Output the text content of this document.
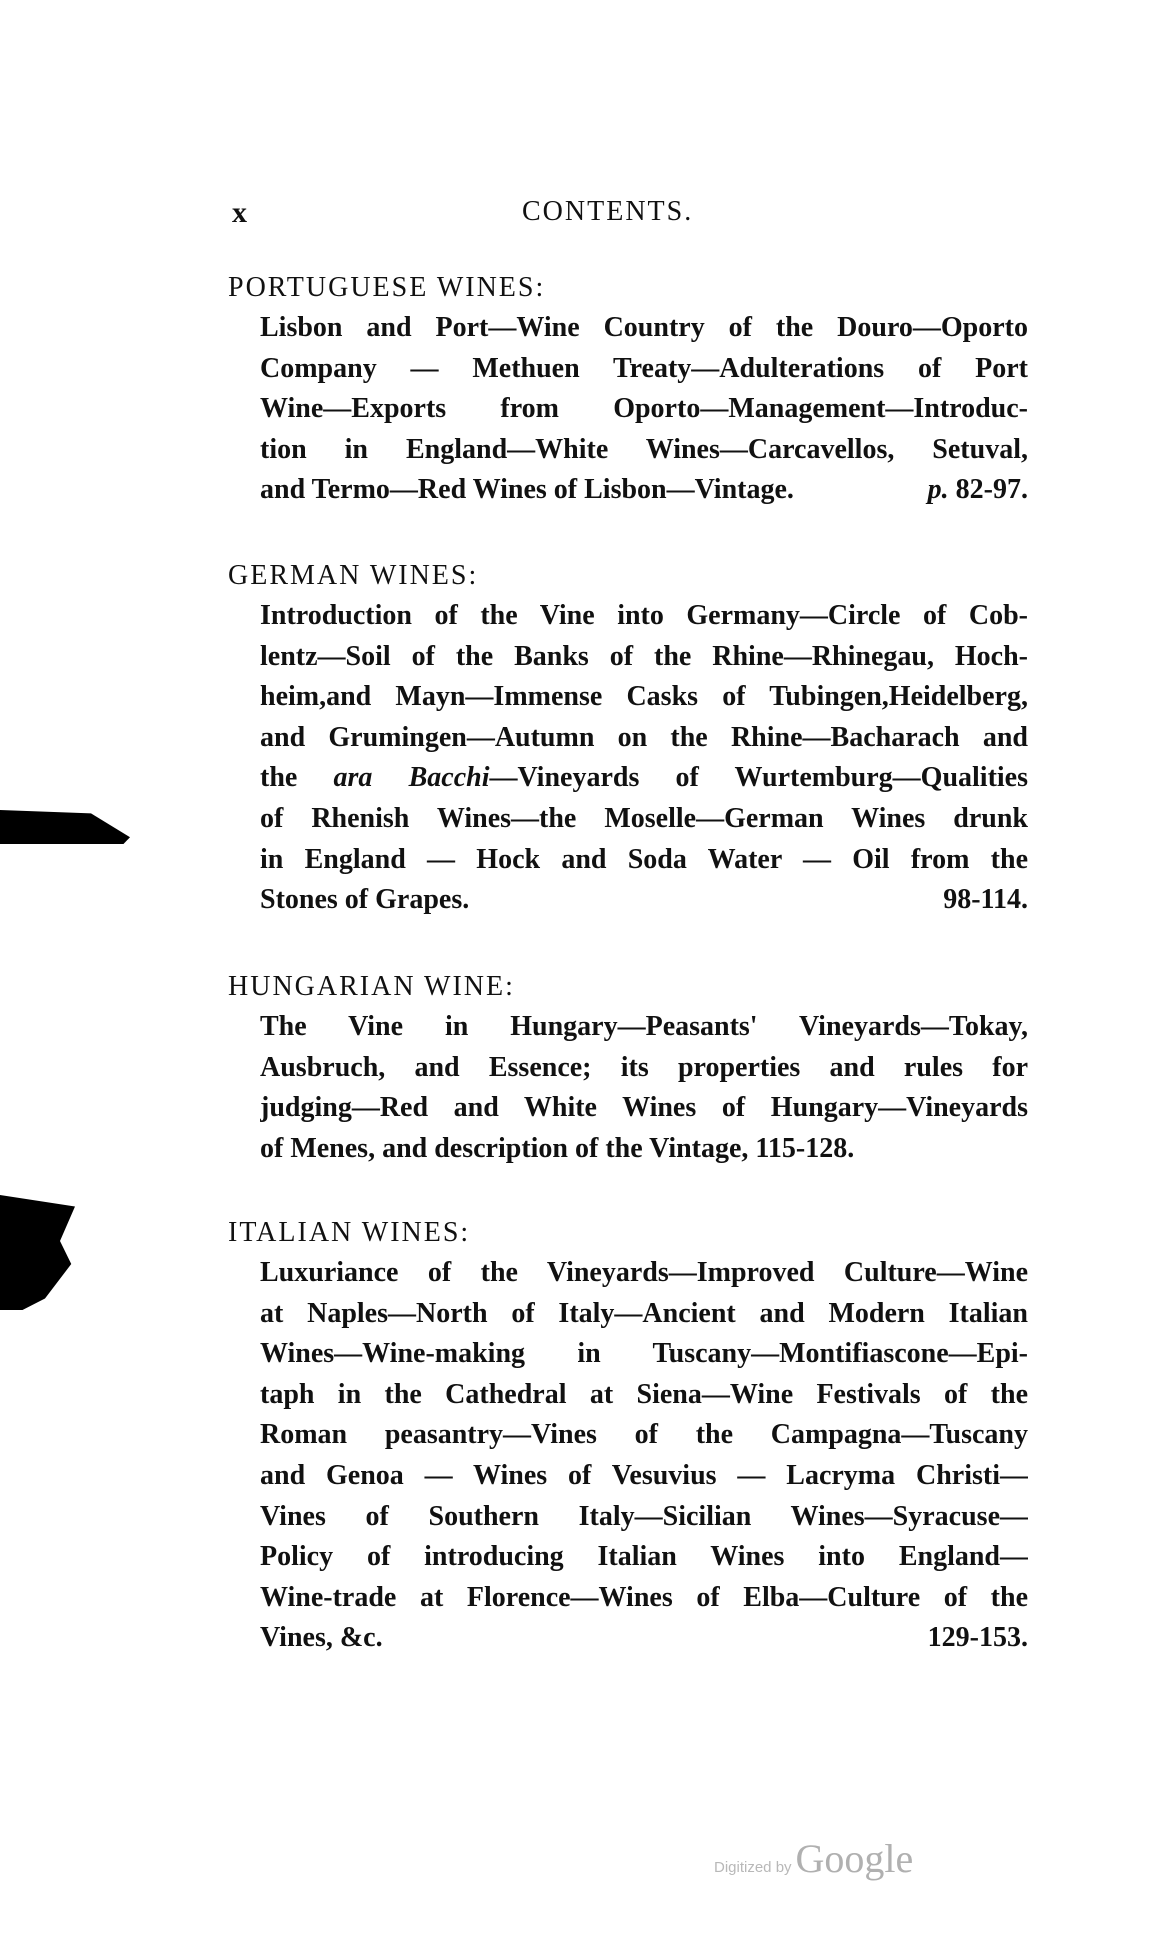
x	CONTENTS.
PORTUGUESE WINES:
Lisbon and Port—Wine Country of the Douro—Oporto
Company — Methuen Treaty—Adulterations of Port
Wine—Exports from Oporto—Management—Introduc-
tion in England—White Wines—Carcavellos, Setuval,
and Termo—Red Wines of Lisbon—Vintage.	p. 82-97.
GERMAN WINES:
Introduction of the Vine into Germany—Circle of Cob-
lentz—Soil of the Banks of the Rhine—Rhinegau, Hoch-
heim,and Mayn—Immense Casks of Tubingen,Heidelberg,
and Grumingen—Autumn on the Rhine—Bacharach and
the ara Bacchi—Vineyards of Wurtemburg—Qualities
of Rhenish Wines—the Moselle—German Wines drunk
in England — Hock and Soda Water — Oil from the
Stones of Grapes.	98-114.
HUNGARIAN WINE:
The Vine in Hungary—Peasants' Vineyards—Tokay,
Ausbruch, and Essence; its properties and rules for
judging—Red and White Wines of Hungary—Vineyards
of Menes, and description of the Vintage, 115-128.
ITALIAN WINES:
Luxuriance of the Vineyards—Improved Culture—Wine
at Naples—North of Italy—Ancient and Modern Italian
Wines—Wine-making in Tuscany—Montifiascone—Epi-
taph in the Cathedral at Siena—Wine Festivals of the
Roman peasantry—Vines of the Campagna—Tuscany
and Genoa — Wines of Vesuvius — Lacryma Christi—
Vines of Southern Italy—Sicilian Wines—Syracuse—
Policy of introducing Italian Wines into England—
Wine-trade at Florence—Wines of Elba—Culture of the
Vines, &c.	129-153.
Digitized by Google
